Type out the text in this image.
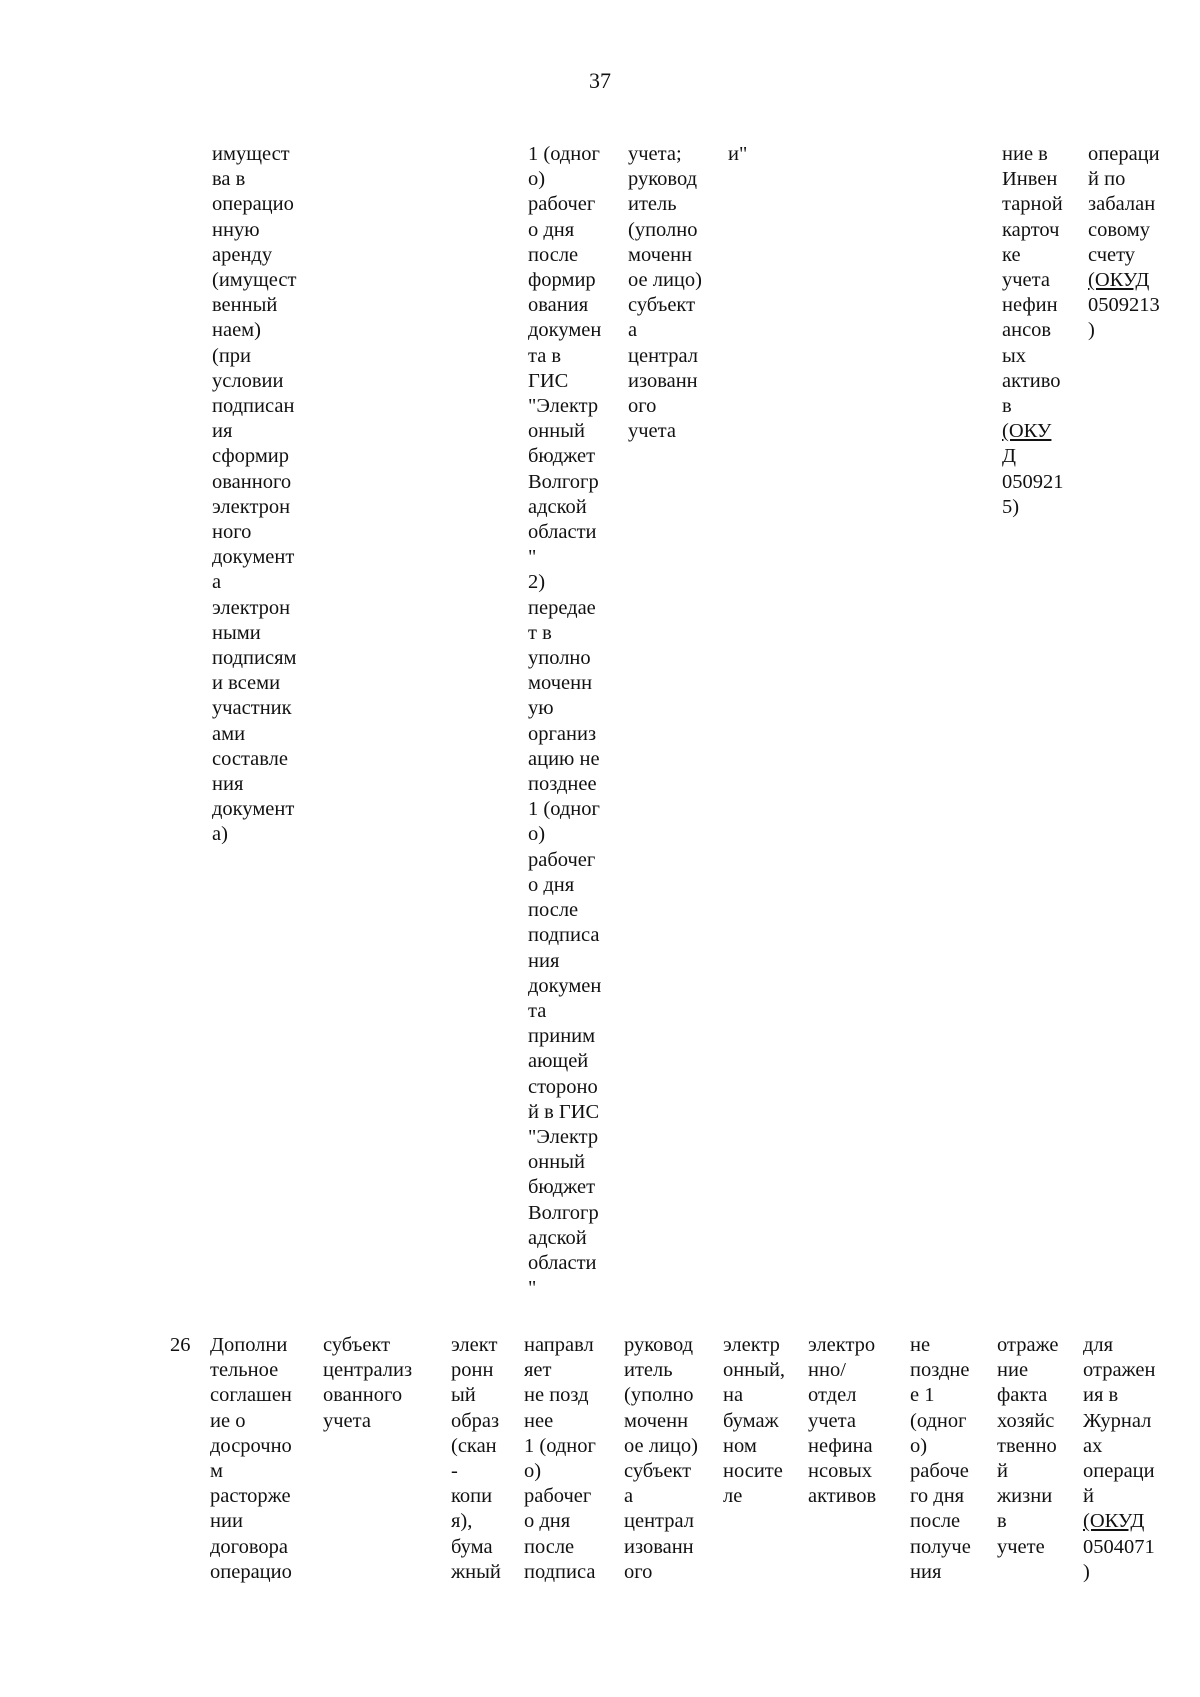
37
имущест
ва в
операцио
нную
аренду
(имущест
венный
наем)
(при
условии
подписан
ия
сформир
ованного
электрон
ного
документ
а
электрон
ными
подписям
и всеми
участник
ами
составле
ния
документ
а)
1 (одног
о)
рабочег
о дня
после
формир
ования
докумен
та в
ГИС
"Электр
онный
бюджет
Волгогр
адской
области
"
2)
передае
т в
уполно
моченн
ую
организ
ацию не
позднее
1 (одног
о)
рабочег
о дня
после
подписа
ния
докумен
та
приним
ающей
стороно
й в ГИС
"Электр
онный
бюджет
Волгогр
адской
области
"
учета;
руковод
итель
(уполно
моченн
ое лицо)
субъект
а
централ
изованн
ого
учета
и"	ние в
Инвен
тарной
карточ
ке
учета
нефин
ансов
ых
активо
в
(ОКУ
Д
050921
5)
операци
й по
забалан
совому
счету
(ОКУД
0509213
)
26 Дополни
тельное
соглашен
ие о
досрочно
м
расторже
нии
договора
операцио
субъект
централиз
ованного
учета
элект
ронн
ый
образ
(скан
-
копи
я),
бума
жный
направл
яет
не позд
нее
1 (одног
о)
рабочег
о дня
после
подписа
руковод
итель
(уполно
моченн
ое лицо)
субъект
а
централ
изованн
ого
электр
онный,
на
бумаж
ном
носите
ле
электро
нно/
отдел
учета
нефина
нсовых
активов
не
поздне
е 1
(одног
о)
рабоче
го дня
после
получе
ния
отраже
ние
факта
хозяйс
твенно
й
жизни
в
учете
для
отражен
ия в
Журнал
ах
операци
й
(ОКУД
0504071
)
